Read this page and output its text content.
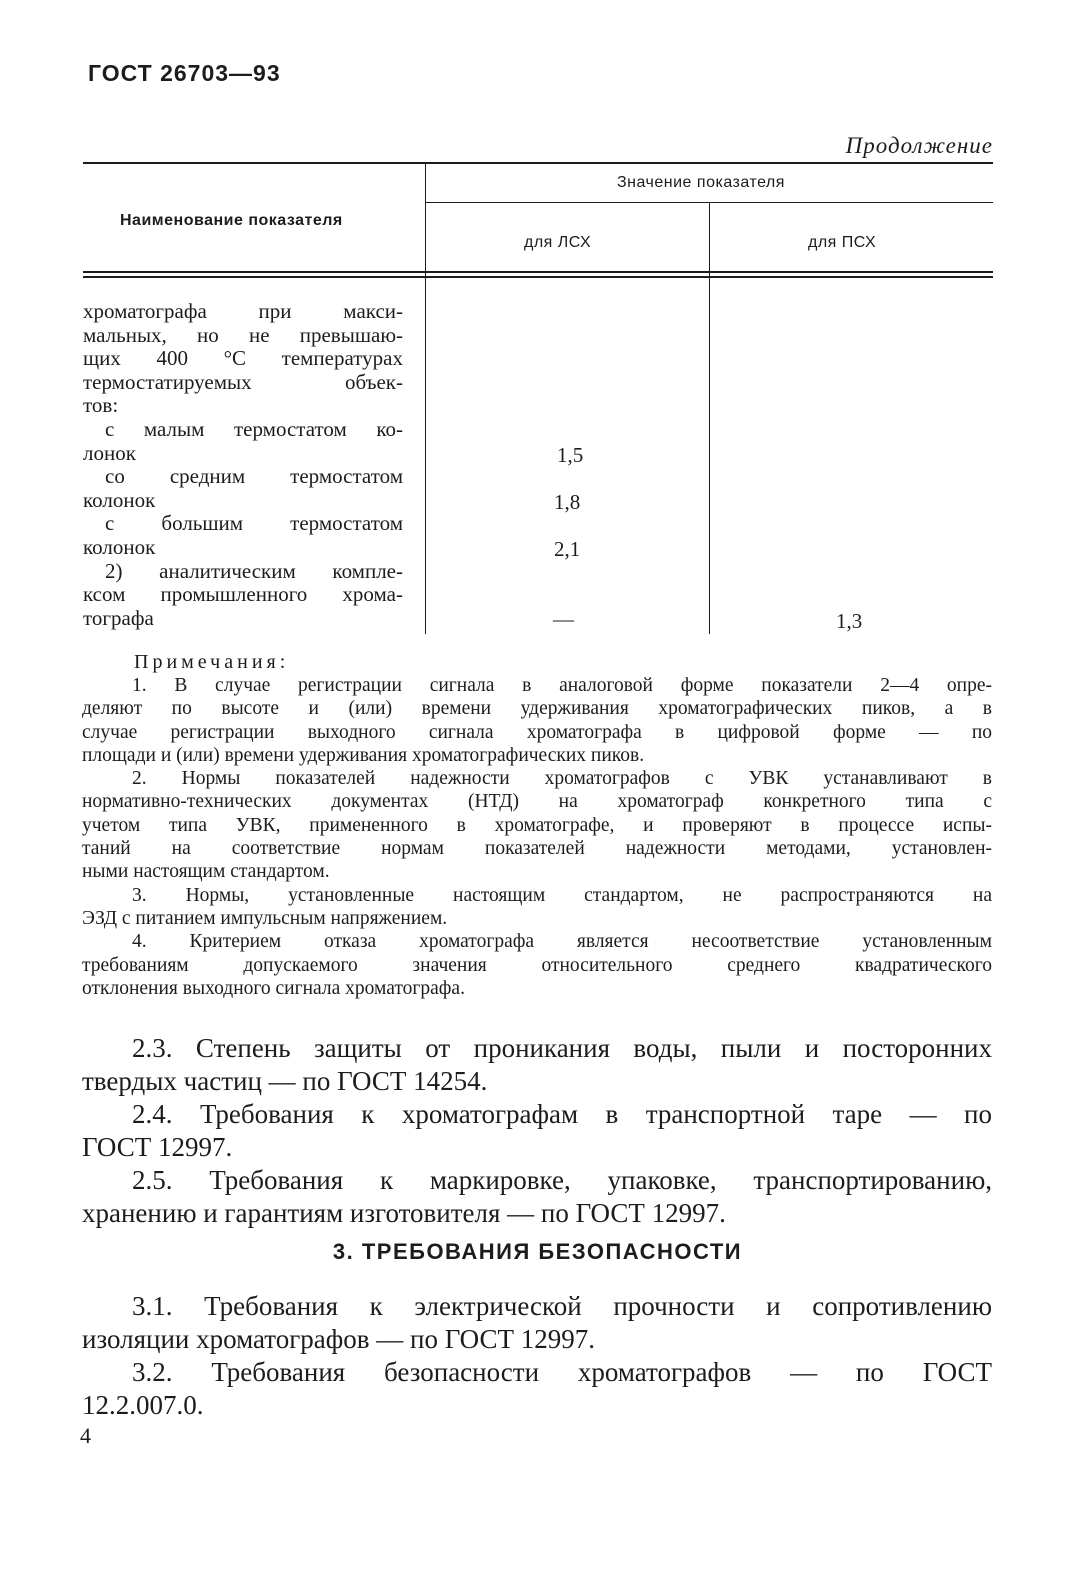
ГОСТ 26703—93
Продолжение
Наименование показателя
Значение показателя
для ЛСХ	для ПСХ
хроматографа при макси-
мальных, но не превышаю-
щих 400 °С температурах
термостатируемых объек-
тов:
с малым термостатом ко-
лонок
со средним термостатом
колонок
с большим термостатом
колонок
2) аналитическим комплe-
ксом промышленного хрома-
тографа
1,5
1,8
2,1
—	1,3
Примечания:
1. В случае регистрации сигнала в аналоговой форме показатели 2—4 опре-
деляют по высоте и (или) времени удерживания хроматографических пиков, а в
случае регистрации выходного сигнала хроматографа в цифровой форме — по
площади и (или) времени удерживания хроматографических пиков.
2. Нормы показателей надежности хроматографов с УВК устанавливают в
нормативно-технических документах (НТД) на хроматограф конкретного типа с
учетом типа УВК, примененного в хроматографе, и проверяют в процессе испы-
таний на соответствие нормам показателей надежности методами, установлен-
ными настоящим стандартом.
3. Нормы, установленные настоящим стандартом, не распространяются на
ЭЗД с питанием импульсным напряжением.
4. Критерием отказа хроматографа является несоответствие установленным
требованиям допускаемого значения относительного среднего квадратического
отклонения выходного сигнала хроматографа.
2.3. Степень защиты от проникания воды, пыли и посторонних
твердых частиц — по ГОСТ 14254.
2.4. Требования к хроматографам в транспортной таре — по
ГОСТ 12997.
2.5. Требования к маркировке, упаковке, транспортированию,
хранению и гарантиям изготовителя — по ГОСТ 12997.
3. ТРЕБОВАНИЯ БЕЗОПАСНОСТИ
3.1. Требования к электрической прочности и сопротивлению
изоляции хроматографов — по ГОСТ 12997.
3.2. Требования безопасности хроматографов — по ГОСТ
12.2.007.0.
4
